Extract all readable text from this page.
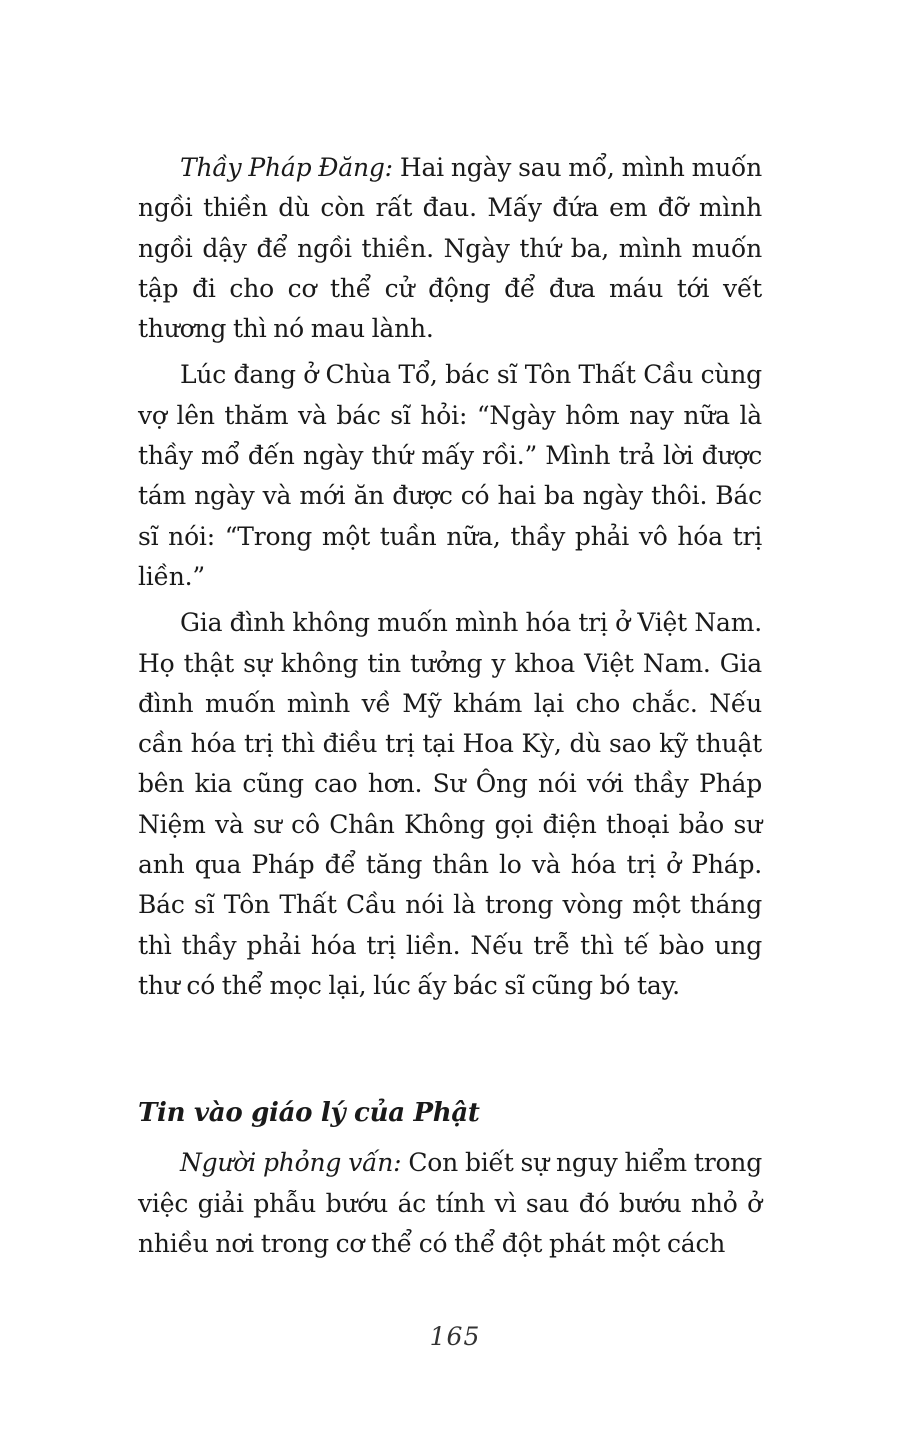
Thầy Pháp Đăng: Hai ngày sau mổ, mình muốn ngồi thiền dù còn rất đau. Mấy đứa em đỡ mình ngồi dậy để ngồi thiền. Ngày thứ ba, mình muốn tập đi cho cơ thể cử động để đưa máu tới vết thương thì nó mau lành.

Lúc đang ở Chùa Tổ, bác sĩ Tôn Thất Cầu cùng vợ lên thăm và bác sĩ hỏi: “Ngày hôm nay nữa là thầy mổ đến ngày thứ mấy rồi.” Mình trả lời được tám ngày và mới ăn được có hai ba ngày thôi. Bác sĩ nói: “Trong một tuần nữa, thầy phải vô hóa trị liền.”

Gia đình không muốn mình hóa trị ở Việt Nam. Họ thật sự không tin tưởng y khoa Việt Nam. Gia đình muốn mình về Mỹ khám lại cho chắc. Nếu cần hóa trị thì điều trị tại Hoa Kỳ, dù sao kỹ thuật bên kia cũng cao hơn. Sư Ông nói với thầy Pháp Niệm và sư cô Chân Không gọi điện thoại bảo sư anh qua Pháp để tăng thân lo và hóa trị ở Pháp. Bác sĩ Tôn Thất Cầu nói là trong vòng một tháng thì thầy phải hóa trị liền. Nếu trễ thì tế bào ung thư có thể mọc lại, lúc ấy bác sĩ cũng bó tay.

Tin vào giáo lý của Phật

Người phỏng vấn: Con biết sự nguy hiểm trong việc giải phẫu bướu ác tính vì sau đó bướu nhỏ ở nhiều nơi trong cơ thể có thể đột phát một cách

165
